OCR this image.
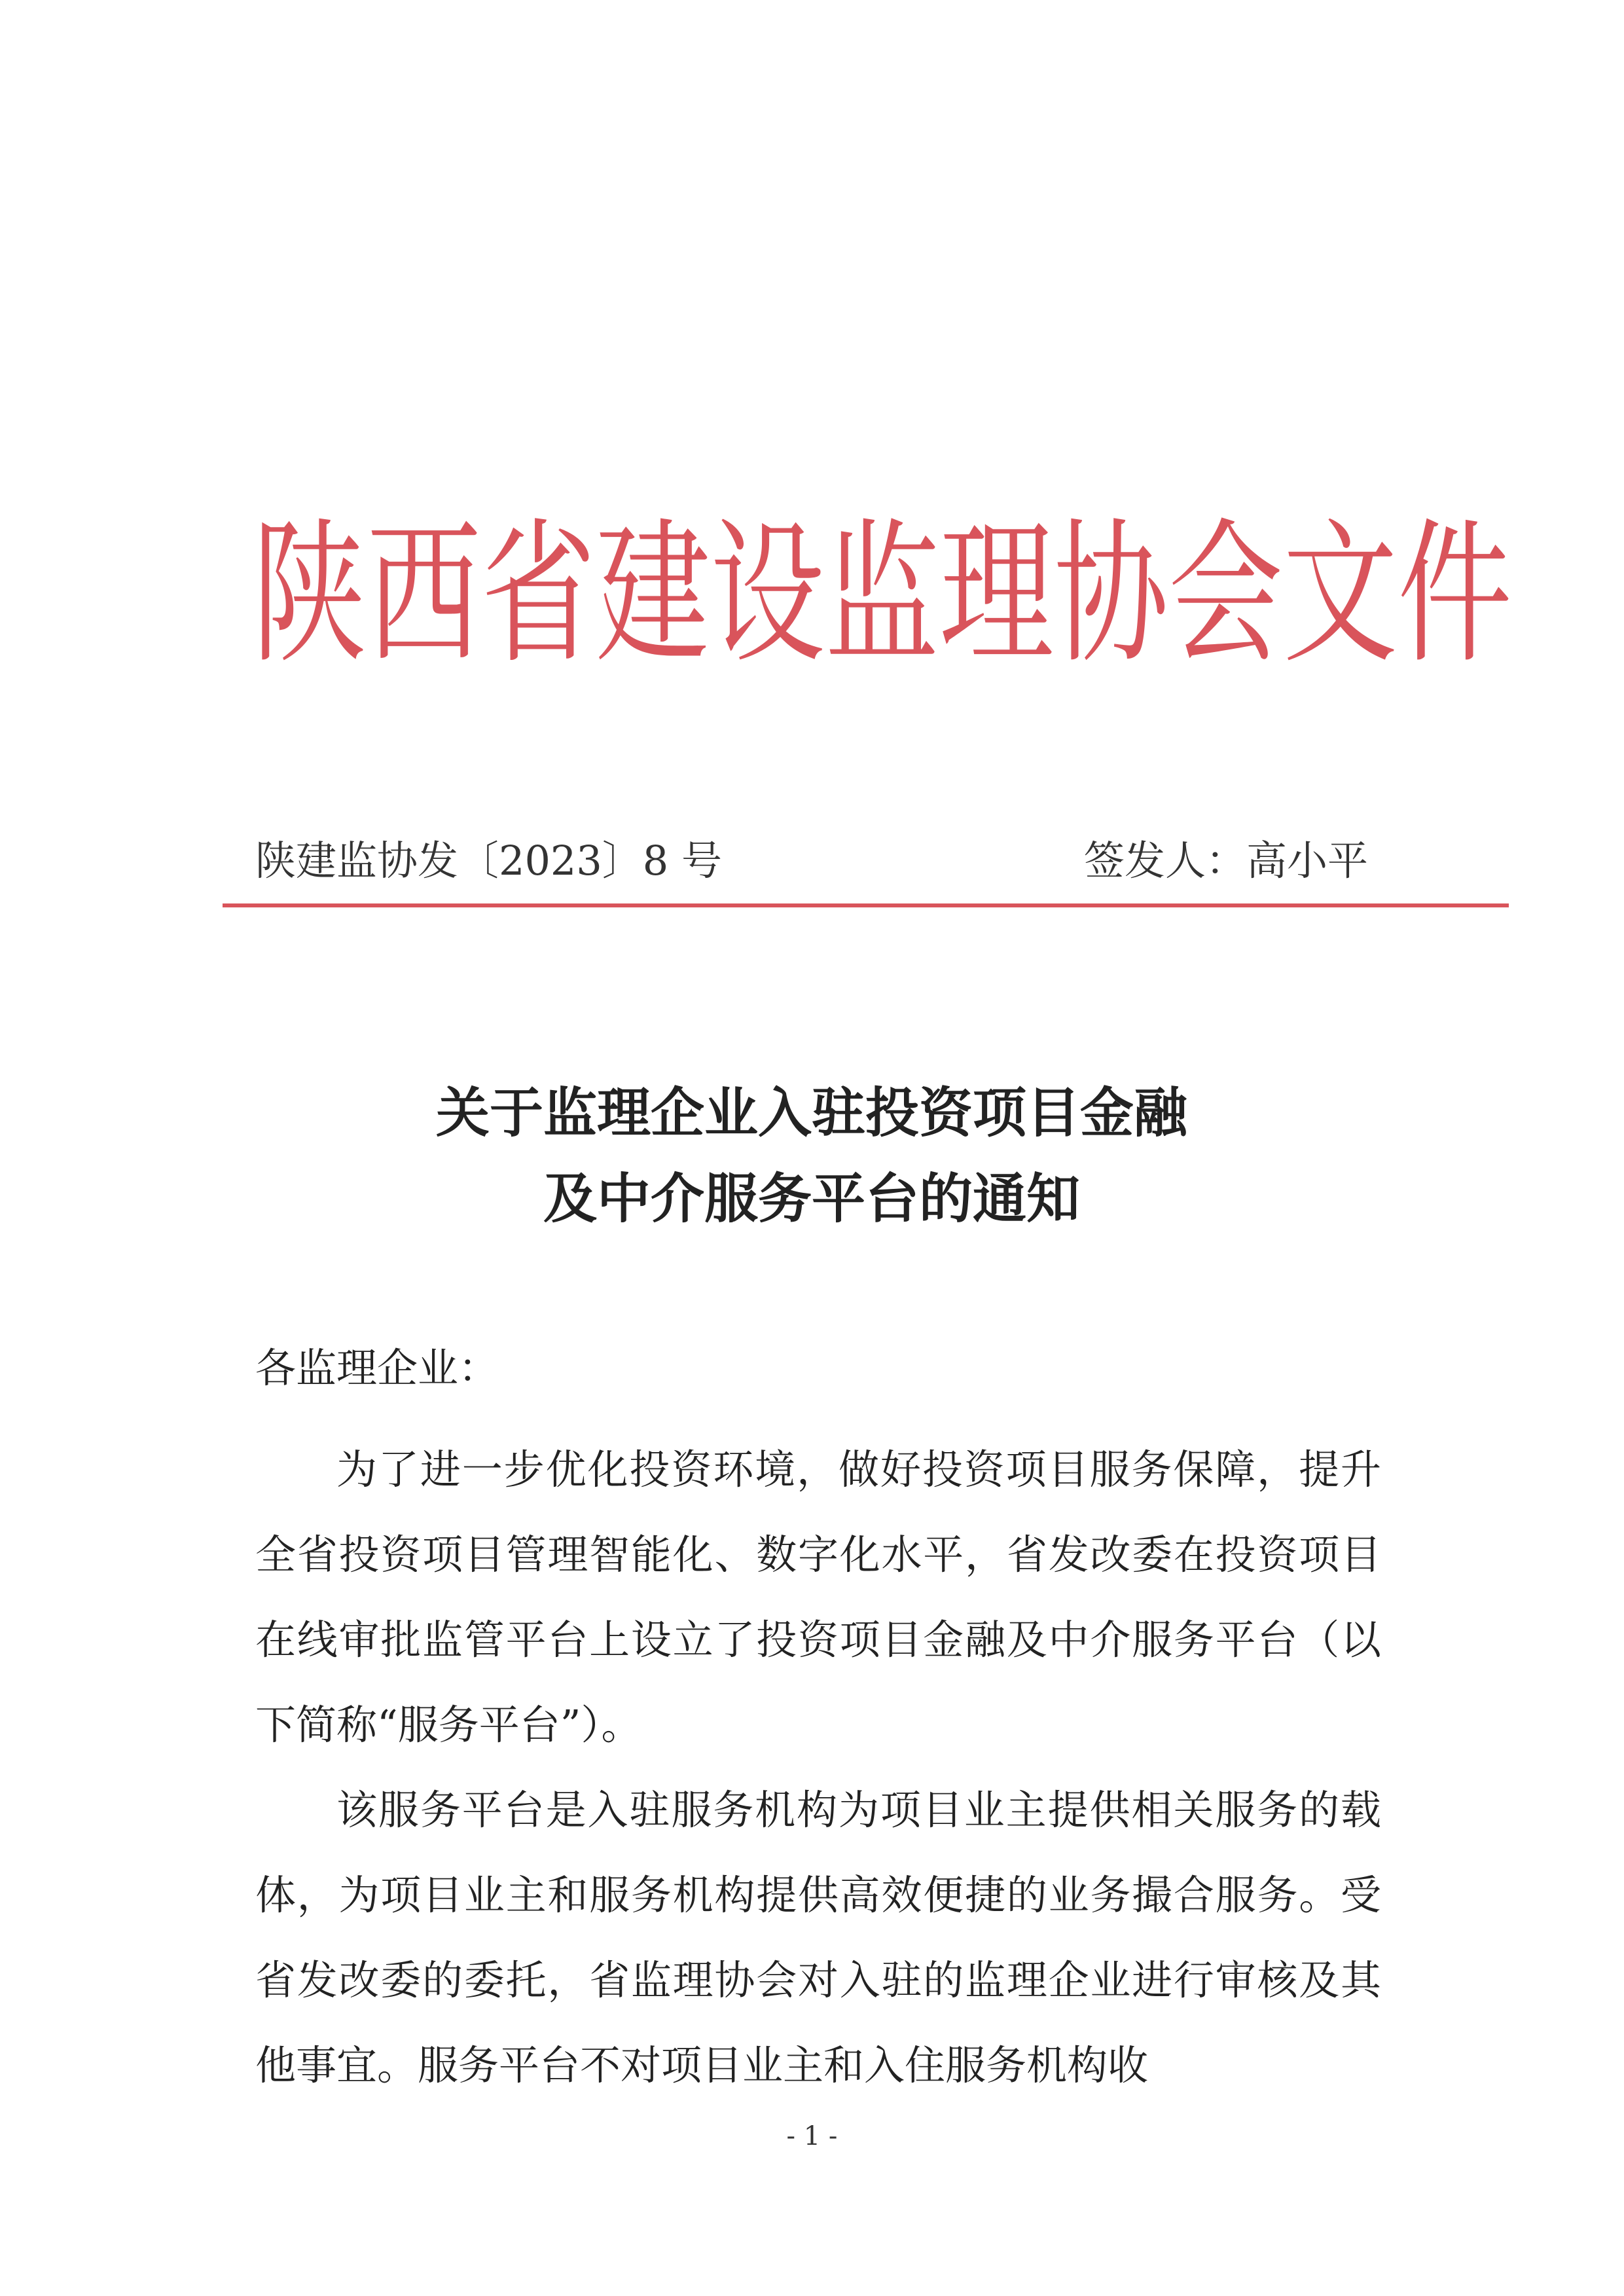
陕西省建设监理协会文件
陕建监协发〔2023〕8 号	签发人：高小平
关于监理企业入驻投资项目金融
及中介服务平台的通知
各监理企业：

为了进一步优化投资环境，做好投资项目服务保障，提升全省投资项目管理智能化、数字化水平，省发改委在投资项目在线审批监管平台上设立了投资项目金融及中介服务平台（以下简称“服务平台”）。

该服务平台是入驻服务机构为项目业主提供相关服务的载体，为项目业主和服务机构提供高效便捷的业务撮合服务。受省发改委的委托，省监理协会对入驻的监理企业进行审核及其他事宜。服务平台不对项目业主和入住服务机构收

- 1 -
